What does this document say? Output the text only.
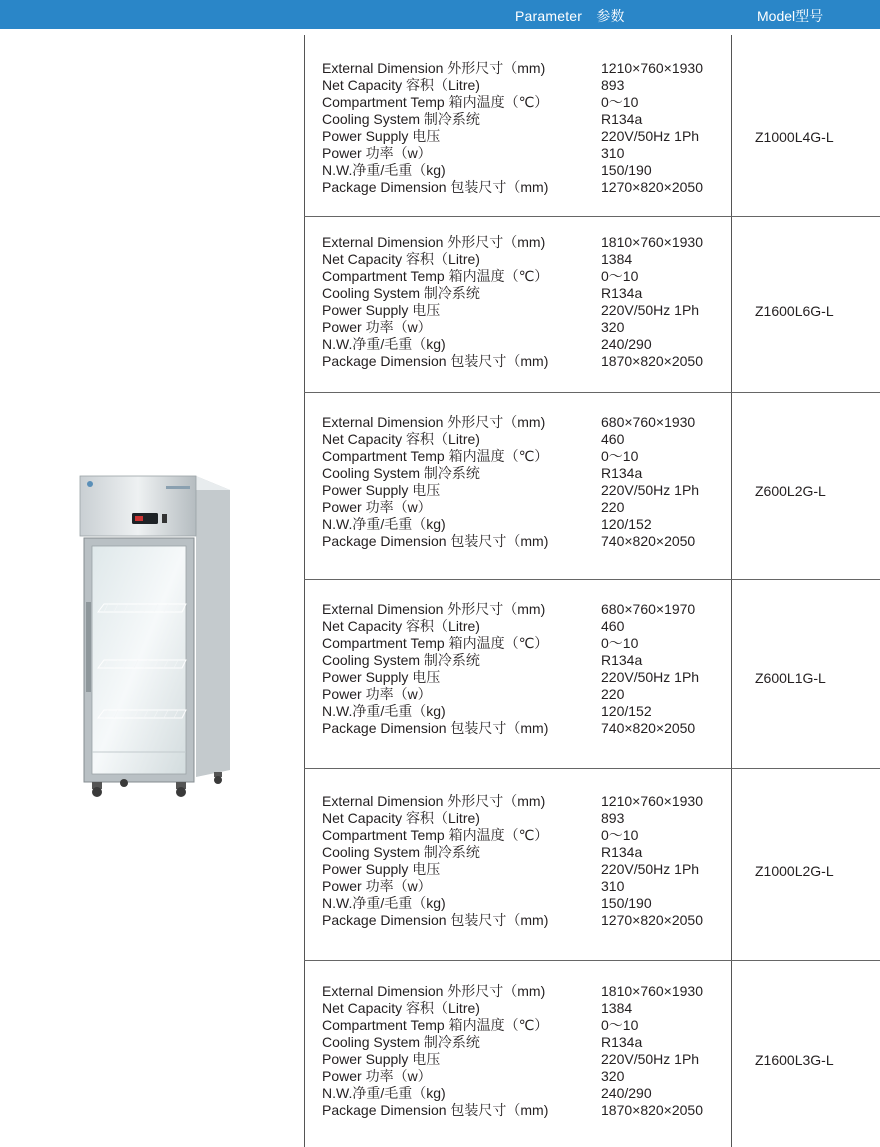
Parameter　参数	Model型号
External Dimension 外形尺寸（mm)	1210×760×1930
Net Capacity 容积（Litre)	893
Compartment Temp 箱内温度（℃）	0～10
Cooling System 制冷系统	R134a
Power Supply 电压	220V/50Hz 1Ph
Power 功率（w）	310
N.W.净重/毛重（kg)	150/190
Package Dimension 包装尺寸（mm)	1270×820×2050
Z1000L4G-L
External Dimension 外形尺寸（mm)	1810×760×1930
Net Capacity 容积（Litre)	1384
Compartment Temp 箱内温度（℃）	0～10
Cooling System 制冷系统	R134a
Power Supply 电压	220V/50Hz 1Ph
Power 功率（w）	320
N.W.净重/毛重（kg)	240/290
Package Dimension 包装尺寸（mm)	1870×820×2050
Z1600L6G-L
External Dimension 外形尺寸（mm)	680×760×1930
Net Capacity 容积（Litre)	460
Compartment Temp 箱内温度（℃）	0～10
Cooling System 制冷系统	R134a
Power Supply 电压	220V/50Hz 1Ph
Power 功率（w）	220
N.W.净重/毛重（kg)	120/152
Package Dimension 包装尺寸（mm)	740×820×2050
Z600L2G-L
External Dimension 外形尺寸（mm)	680×760×1970
Net Capacity 容积（Litre)	460
Compartment Temp 箱内温度（℃）	0～10
Cooling System 制冷系统	R134a
Power Supply 电压	220V/50Hz 1Ph
Power 功率（w）	220
N.W.净重/毛重（kg)	120/152
Package Dimension 包装尺寸（mm)	740×820×2050
Z600L1G-L
External Dimension 外形尺寸（mm)	1210×760×1930
Net Capacity 容积（Litre)	893
Compartment Temp 箱内温度（℃）	0～10
Cooling System 制冷系统	R134a
Power Supply 电压	220V/50Hz 1Ph
Power 功率（w）	310
N.W.净重/毛重（kg)	150/190
Package Dimension 包装尺寸（mm)	1270×820×2050
Z1000L2G-L
External Dimension 外形尺寸（mm)	1810×760×1930
Net Capacity 容积（Litre)	1384
Compartment Temp 箱内温度（℃）	0～10
Cooling System 制冷系统	R134a
Power Supply 电压	220V/50Hz 1Ph
Power 功率（w）	320
N.W.净重/毛重（kg)	240/290
Package Dimension 包装尺寸（mm)	1870×820×2050
Z1600L3G-L
